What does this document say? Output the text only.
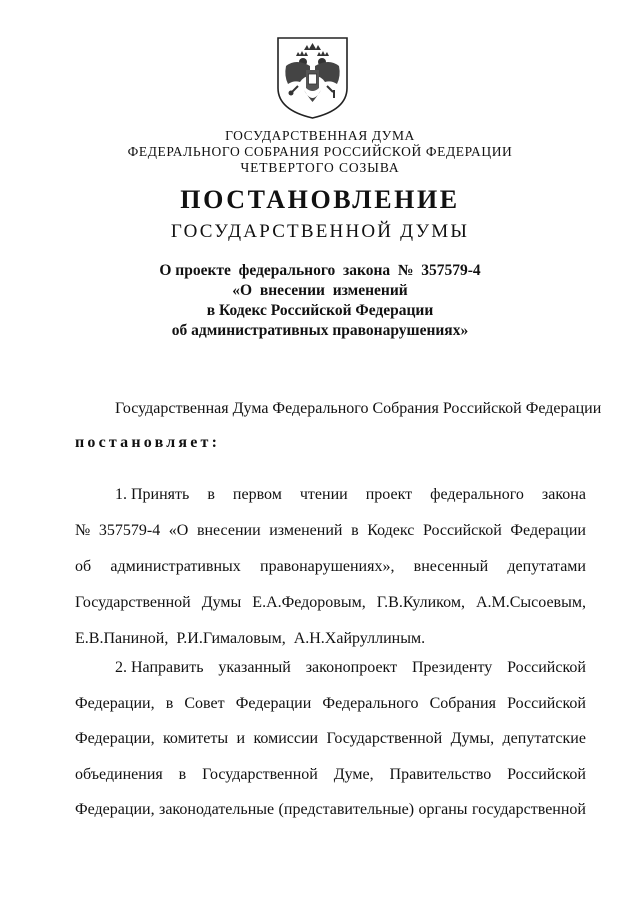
ГОСУДАРСТВЕННАЯ ДУМА
ФЕДЕРАЛЬНОГО СОБРАНИЯ РОССИЙСКОЙ ФЕДЕРАЦИИ
ЧЕТВЕРТОГО СОЗЫВА
ПОСТАНОВЛЕНИЕ
ГОСУДАРСТВЕННОЙ ДУМЫ
О проекте  федерального  закона  №  357579-4
«О  внесении  изменений
в Кодекс Российской Федерации
об административных правонарушениях»
Государственная Дума Федерального Собрания Российской Федерации
постановляет:
1. Принять в первом чтении проект федерального закона
№ 357579-4 «О внесении изменений в Кодекс Российской Федерации
об административных правонарушениях», внесенный депутатами
Государственной Думы Е.А.Федоровым, Г.В.Куликом, А.М.Сысоевым,
Е.В.Паниной, Р.И.Гималовым, А.Н.Хайруллиным.
2. Направить указанный законопроект Президенту Российской
Федерации, в Совет Федерации Федерального Собрания Российской
Федерации, комитеты и комиссии Государственной Думы, депутатские
объединения в Государственной Думе, Правительство Российской
Федерации, законодательные (представительные) органы государственной
